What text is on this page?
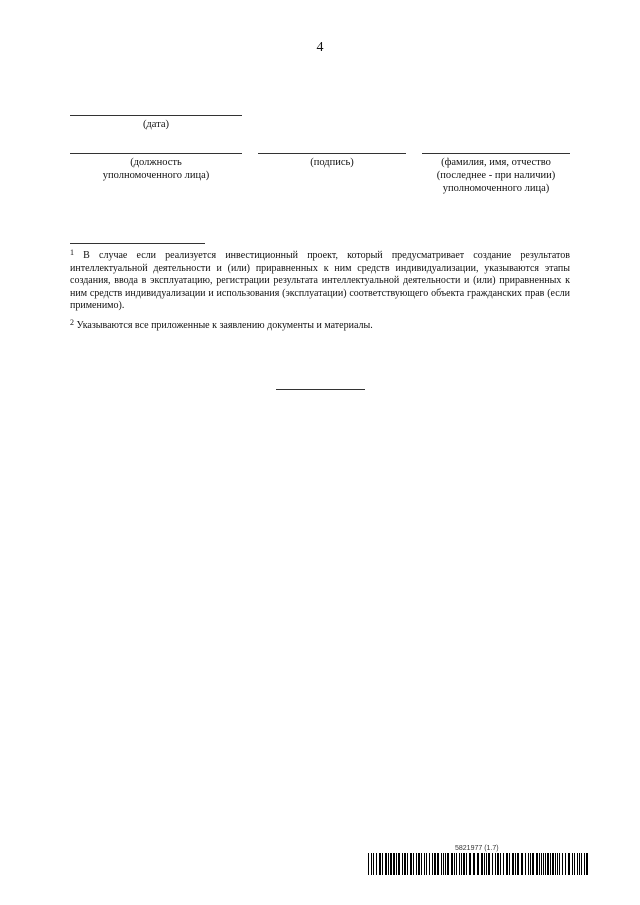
4
(дата)
(должность
уполномоченного лица)
(подпись)	(фамилия, имя, отчество
(последнее - при наличии)
уполномоченного лица)
$^1$ В случае если реализуется инвестиционный проект, который предусматривает создание результатов интеллектуальной деятельности и (или) приравненных к ним средств индивидуализации, указываются этапы создания, ввода в эксплуатацию, регистрации результата интеллектуальной деятельности и (или) приравненных к ним средств индивидуализации и использования (эксплуатации) соответствующего объекта гражданских прав (если применимо).
$^2$ Указываются все приложенные к заявлению документы и материалы.
5821977 (1.7)
